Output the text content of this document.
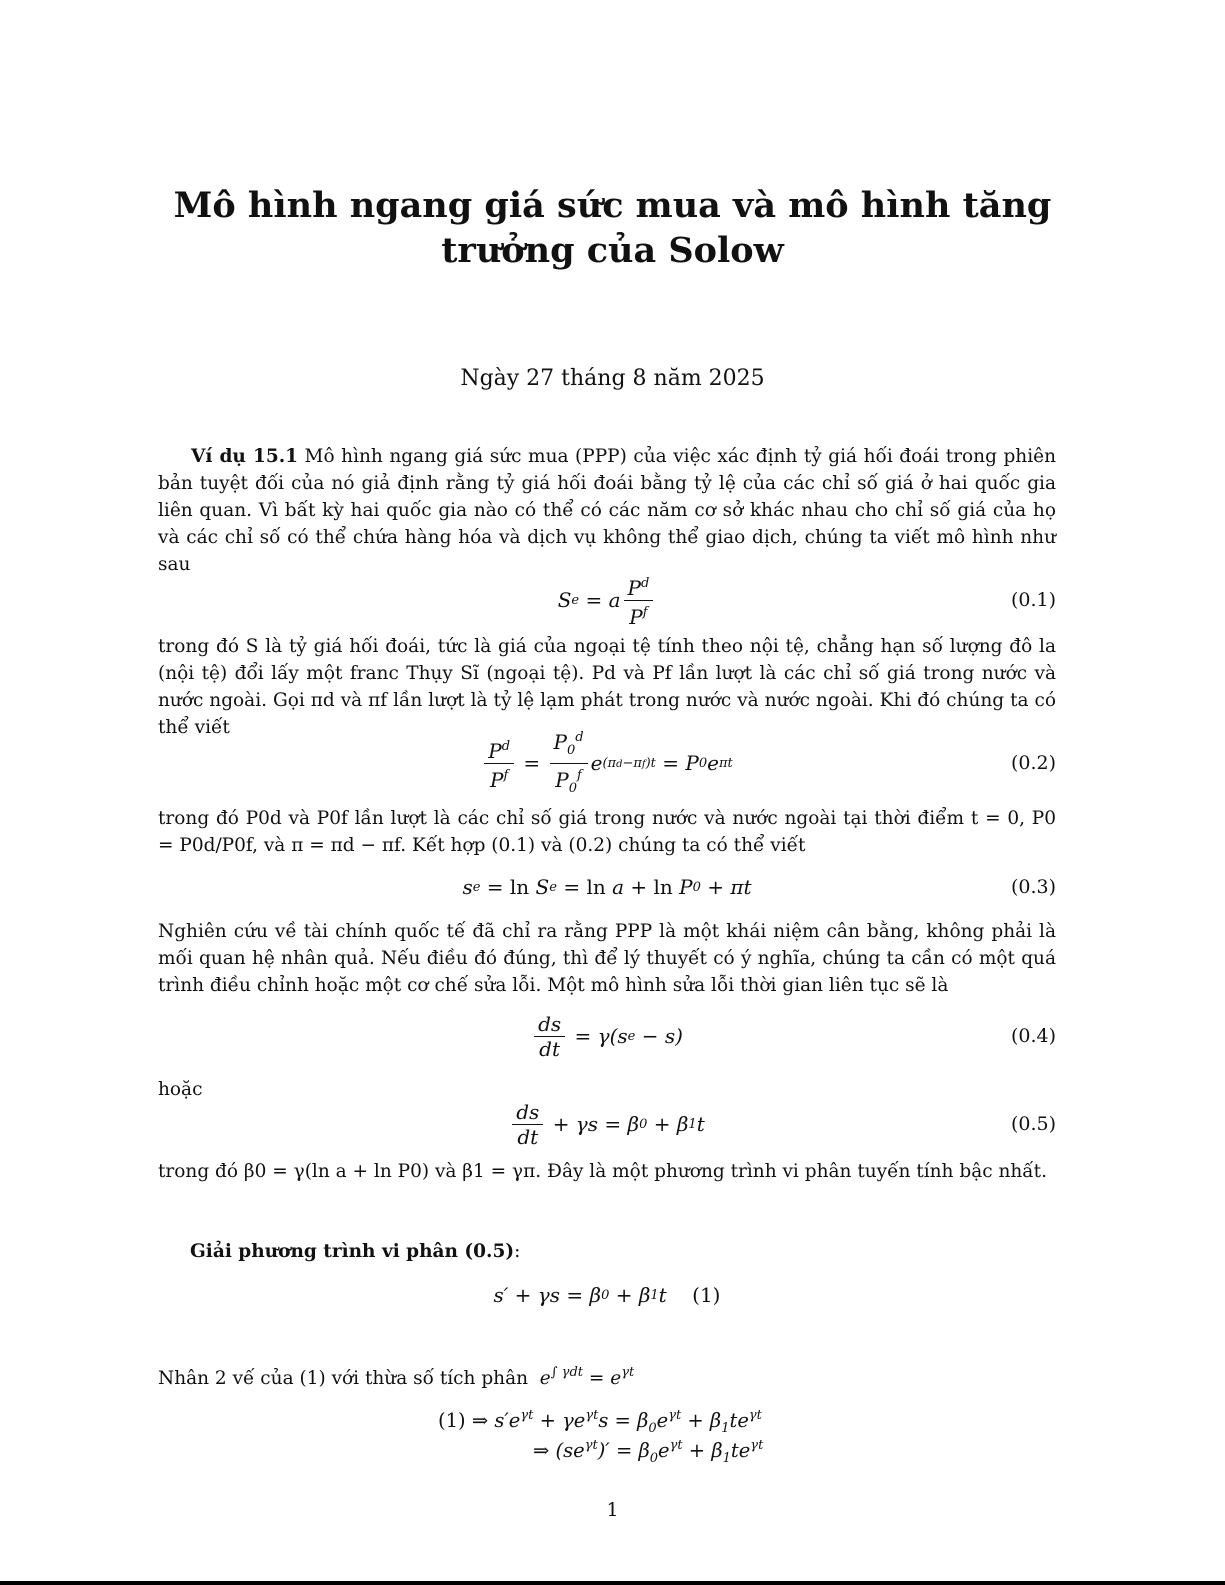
Mô hình ngang giá sức mua và mô hình tăng trưởng của Solow
Ngày 27 tháng 8 năm 2025
Ví dụ 15.1 Mô hình ngang giá sức mua (PPP) của việc xác định tỷ giá hối đoái trong phiên bản tuyệt đối của nó giả định rằng tỷ giá hối đoái bằng tỷ lệ của các chỉ số giá ở hai quốc gia liên quan. Vì bất kỳ hai quốc gia nào có thể có các năm cơ sở khác nhau cho chỉ số giá của họ và các chỉ số có thể chứa hàng hóa và dịch vụ không thể giao dịch, chúng ta viết mô hình như sau
S e
= a $\frac{P^d}{P^f}$	(0.1)
trong đó S là tỷ giá hối đoái, tức là giá của ngoại tệ tính theo nội tệ, chẳng hạn số lượng đô la (nội tệ) đổi lấy một franc Thụy Sĩ (ngoại tệ). Pd và Pf lần lượt là các chỉ số giá trong nước và nước ngoài. Gọi πd và πf lần lượt là tỷ lệ lạm phát trong nước và nước ngoài. Khi đó chúng ta có thể viết
$\frac{P^d}{P^f}$
=
$\frac{P_0^d}{P_0^f}$ e (πd−πf)t
= P 0 e πt	(0.2)
trong đó P0d và P0f lần lượt là các chỉ số giá trong nước và nước ngoài tại thời điểm t = 0, P0 = P0d/P0f, và π = πd − πf. Kết hợp (0.1) và (0.2) chúng ta có thể viết
s e
=
ln S e
=
ln a +
ln P 0
+ πt	(0.3)
Nghiên cứu về tài chính quốc tế đã chỉ ra rằng PPP là một khái niệm cân bằng, không phải là mối quan hệ nhân quả. Nếu điều đó đúng, thì để lý thuyết có ý nghĩa, chúng ta cần có một quá trình điều chỉnh hoặc một cơ chế sửa lỗi. Một mô hình sửa lỗi thời gian liên tục sẽ là
$\frac{ds}{dt}$
= γ(s e
− s)	(0.4)
hoặc
$\frac{ds}{dt}$
+ γs = β 0
+ β 1 t	(0.5)
trong đó β0 = γ(ln a + ln P0) và β1 = γπ. Đây là một phương trình vi phân tuyến tính bậc nhất.
Giải phương trình vi phân (0.5):
s′ + γs = β 0
+ β 1 t (1)
Nhân 2 vế của (1) với thừa số tích phân  $e^{\int \gamma dt} = e^{\gamma t}$
(1) ⇒ $s'e^{\gamma t} + \gamma e^{\gamma t}s = \beta_0e^{\gamma t} + \beta_1te^{\gamma t}$
⇒ $(se^{\gamma t})' = \beta_0e^{\gamma t} + \beta_1te^{\gamma t}$
1
